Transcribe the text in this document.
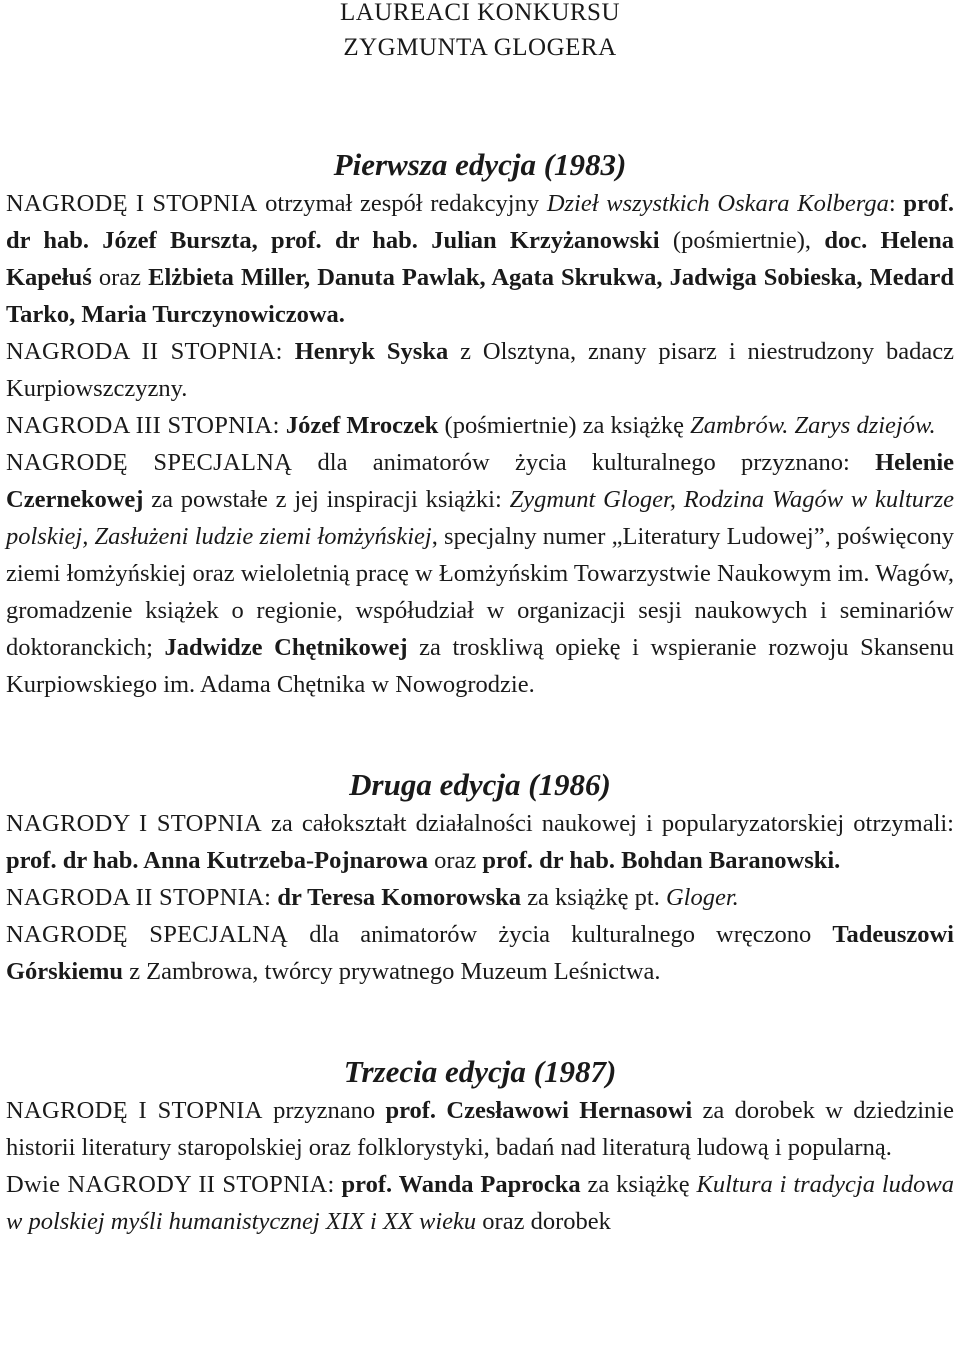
LAUREACI KONKURSU
ZYGMUNTA GLOGERA
Pierwsza edycja (1983)

NAGRODĘ I STOPNIA otrzymał zespół redakcyjny Dzieł wszystkich Oskara Kolberga: prof. dr hab. Józef Burszta, prof. dr hab. Julian Krzyżanowski (pośmiertnie), doc. Helena Kapełuś oraz Elżbieta Miller, Danuta Pawlak, Agata Skrukwa, Jadwiga Sobieska, Medard Tarko, Maria Turczynowiczowa.

NAGRODA II STOPNIA: Henryk Syska z Olsztyna, znany pisarz i niestrudzony badacz Kurpiowszczyzny.

NAGRODA III STOPNIA: Józef Mroczek (pośmiertnie) za książkę Zambrów. Zarys dziejów.

NAGRODĘ SPECJALNĄ dla animatorów życia kulturalnego przyznano: Helenie Czernekowej za powstałe z jej inspiracji książki: Zygmunt Gloger, Rodzina Wagów w kulturze polskiej, Zasłużeni ludzie ziemi łomżyńskiej, specjalny numer „Literatury Ludowej”, poświęcony ziemi łomżyńskiej oraz wieloletnią pracę w Łomżyńskim Towarzystwie Naukowym im. Wagów, gromadzenie książek o regionie, współudział w organizacji sesji naukowych i seminariów doktoranckich; Jadwidze Chętnikowej za troskliwą opiekę i wspieranie rozwoju Skansenu Kurpiowskiego im. Adama Chętnika w Nowogrodzie.

Druga edycja (1986)

NAGRODY I STOPNIA za całokształt działalności naukowej i popularyzatorskiej otrzymali: prof. dr hab. Anna Kutrzeba-Pojnarowa oraz prof. dr hab. Bohdan Baranowski.

NAGRODA II STOPNIA: dr Teresa Komorowska za książkę pt. Gloger.

NAGRODĘ SPECJALNĄ dla animatorów życia kulturalnego wręczono Tadeuszowi Górskiemu z Zambrowa, twórcy prywatnego Muzeum Leśnictwa.

Trzecia edycja (1987)

NAGRODĘ I STOPNIA przyznano prof. Czesławowi Hernasowi za dorobek w dziedzinie historii literatury staropolskiej oraz folklorystyki, badań nad literaturą ludową i popularną.

Dwie NAGRODY II STOPNIA: prof. Wanda Paprocka za książkę Kultura i tradycja ludowa w polskiej myśli humanistycznej XIX i XX wieku oraz dorobek
